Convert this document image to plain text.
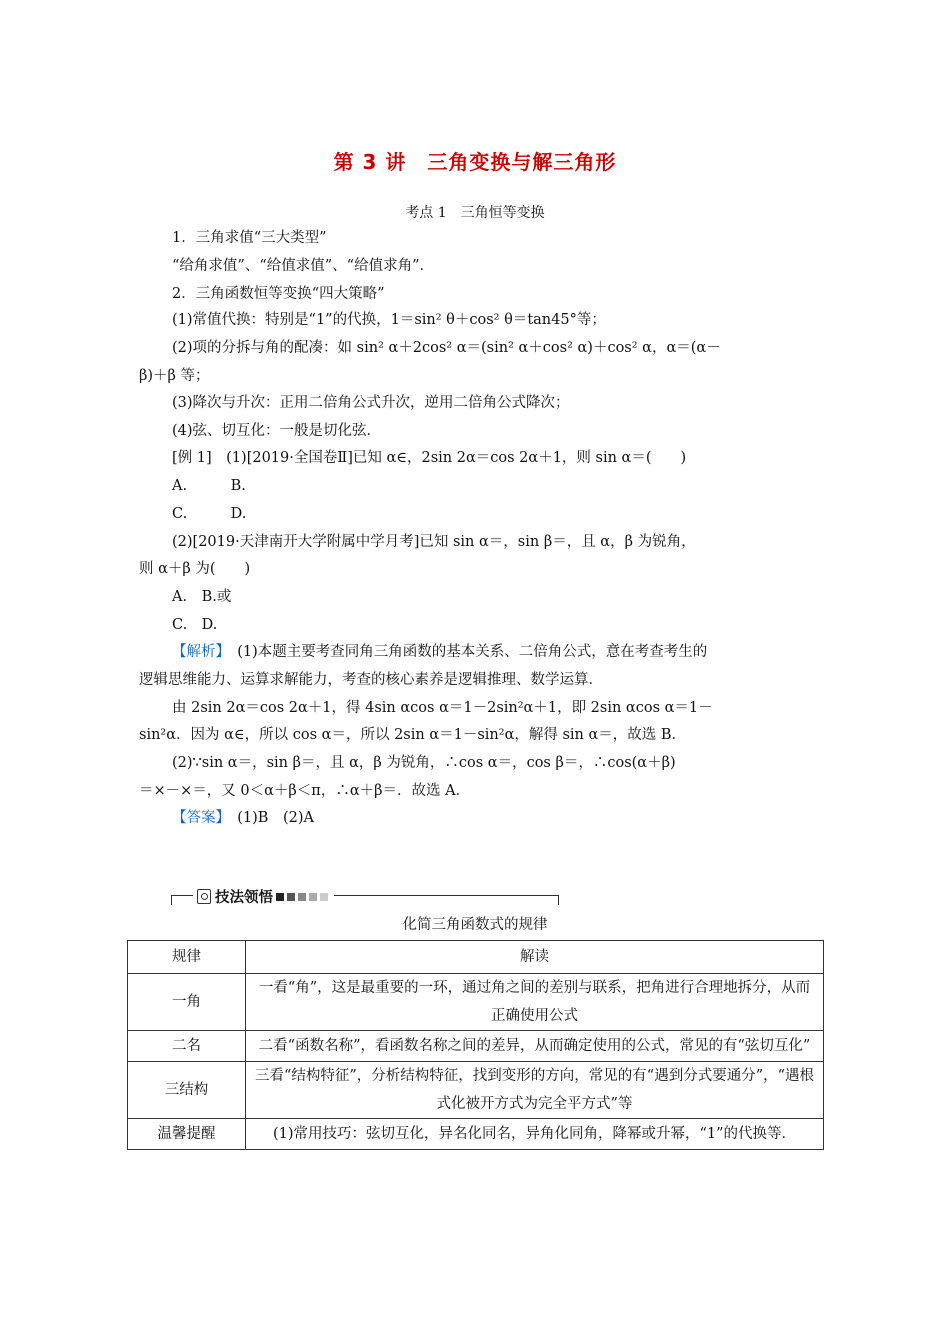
第 3 讲　三角变换与解三角形
考点 1　三角恒等变换
1．三角求值“三大类型”
“给角求值”、“给值求值”、“给值求角”．
2．三角函数恒等变换“四大策略”
(1)常值代换：特别是“1”的代换，1＝sin² θ＋cos² θ＝tan45°等；
(2)项的分拆与角的配凑：如 sin² α＋2cos² α＝(sin² α＋cos² α)＋cos² α，α＝(α－
β)＋β 等；
(3)降次与升次：正用二倍角公式升次，逆用二倍角公式降次；
(4)弦、切互化：一般是切化弦．
[例 1]　(1)[2019·全国卷Ⅱ]已知 α∈，2sin 2α＝cos 2α＋1，则 sin α＝(　　)
A.　　　B.
C.　　　D.
(2)[2019·天津南开大学附属中学月考]已知 sin α＝，sin β＝，且 α，β 为锐角，
则 α＋β 为(　　)
A.　B.或
C.　D.
【解析】　(1)本题主要考查同角三角函数的基本关系、二倍角公式，意在考查考生的
逻辑思维能力、运算求解能力，考查的核心素养是逻辑推理、数学运算．
由 2sin 2α＝cos 2α＋1，得 4sin αcos α＝1－2sin²α＋1，即 2sin αcos α＝1－
sin²α．因为 α∈，所以 cos α＝，所以 2sin α＝1－sin²α，解得 sin α＝，故选 B．
(2)∵sin α＝，sin β＝，且 α，β 为锐角，∴cos α＝，cos β＝，∴cos(α＋β)
＝×－×＝，又 0＜α＋β＜π，∴α＋β＝．故选 A．
【答案】　(1)B　(2)A
技法领悟
化简三角函数式的规律
规律	解读
一角	一看“角”，这是最重要的一环，通过角之间的差别与联系，把角进行合理地拆分，从而正确使用公式
二名	二看“函数名称”，看函数名称之间的差异，从而确定使用的公式，常见的有“弦切互化”
三结构	三看“结构特征”，分析结构特征，找到变形的方向，常见的有“遇到分式要通分”，“遇根式化被开方式为完全平方式”等
温馨提醒	(1)常用技巧：弦切互化，异名化同名，异角化同角，降幂或升幂，“1”的代换等．
